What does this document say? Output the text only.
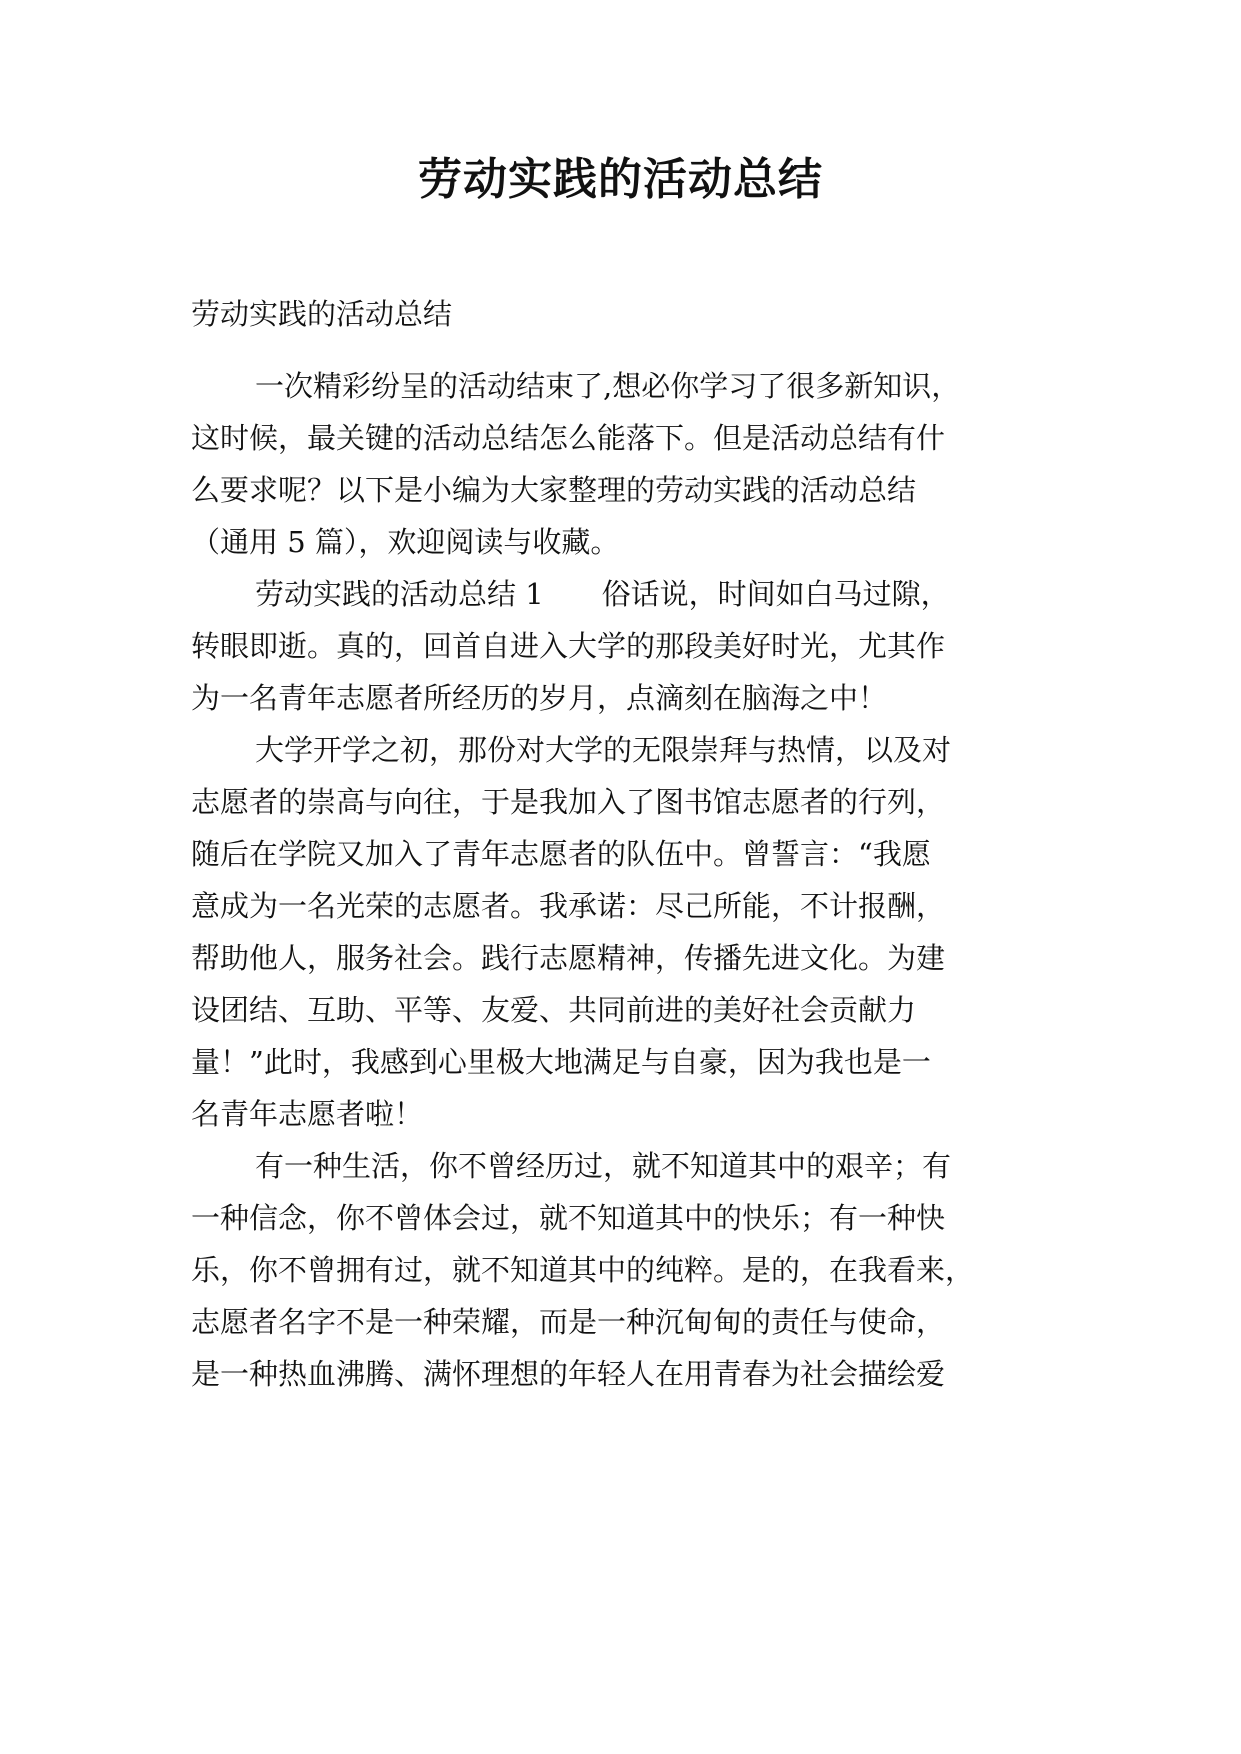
劳动实践的活动总结

劳动实践的活动总结

一次精彩纷呈的活动结束了,想必你学习了很多新知识，

这时候，最关键的活动总结怎么能落下。但是活动总结有什

么要求呢？以下是小编为大家整理的劳动实践的活动总结

（通用 5 篇），欢迎阅读与收藏。

劳动实践的活动总结 1　　俗话说，时间如白马过隙，

转眼即逝。真的，回首自进入大学的那段美好时光，尤其作

为一名青年志愿者所经历的岁月，点滴刻在脑海之中！

大学开学之初，那份对大学的无限崇拜与热情，以及对

志愿者的崇高与向往，于是我加入了图书馆志愿者的行列，

随后在学院又加入了青年志愿者的队伍中。曾誓言：“我愿

意成为一名光荣的志愿者。我承诺：尽己所能，不计报酬，

帮助他人，服务社会。践行志愿精神，传播先进文化。为建

设团结、互助、平等、友爱、共同前进的美好社会贡献力

量！”此时，我感到心里极大地满足与自豪，因为我也是一

名青年志愿者啦！

有一种生活，你不曾经历过，就不知道其中的艰辛；有

一种信念，你不曾体会过，就不知道其中的快乐；有一种快

乐，你不曾拥有过，就不知道其中的纯粹。是的，在我看来，

志愿者名字不是一种荣耀，而是一种沉甸甸的责任与使命，

是一种热血沸腾、满怀理想的年轻人在用青春为社会描绘爱
